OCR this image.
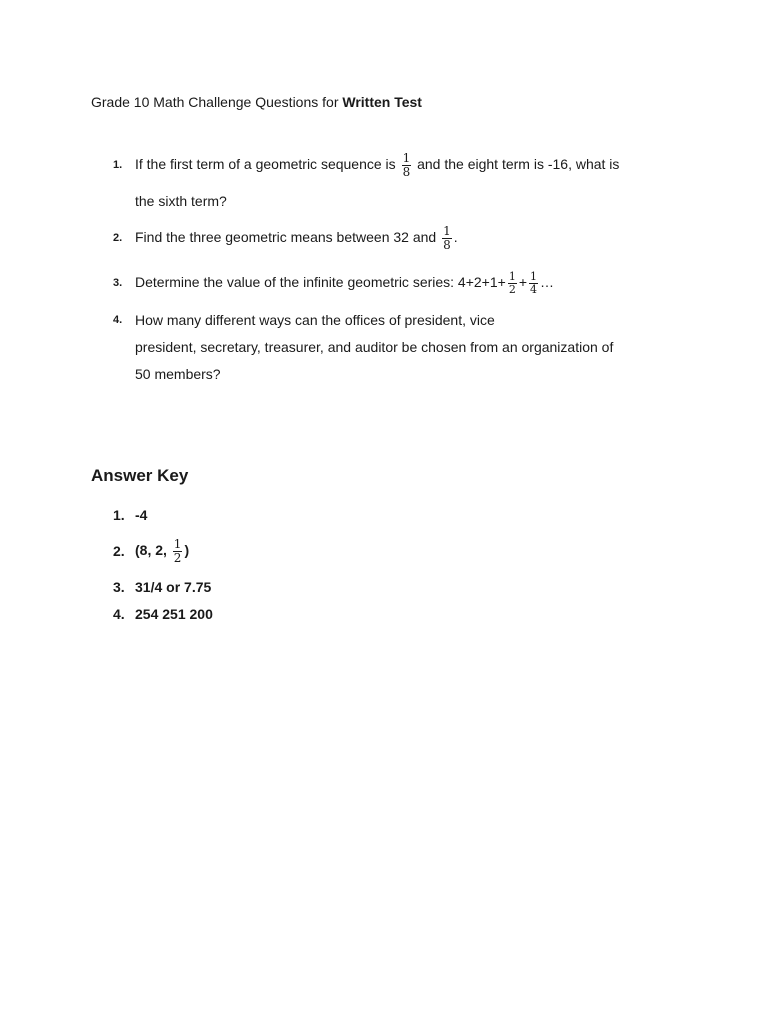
Grade 10 Math Challenge Questions for Written Test
1. If the first term of a geometric sequence is $\frac{1}{8}$ and the eight term is -16, what is
the sixth term?
2. Find the three geometric means between 32 and $\frac{1}{8}$ .
3. Determine the value of the infinite geometric series: $4+2+1+ \frac{1}{2} + \frac{1}{4}$ …
4. How many different ways can the offices of president, vice
president, secretary, treasurer, and auditor be chosen from an organization of
50 members?
Answer Key
1. -4
2. (8, 2, $\frac{1}{2}$ )
3. 31/4 or 7.75
4. 254 251 200
